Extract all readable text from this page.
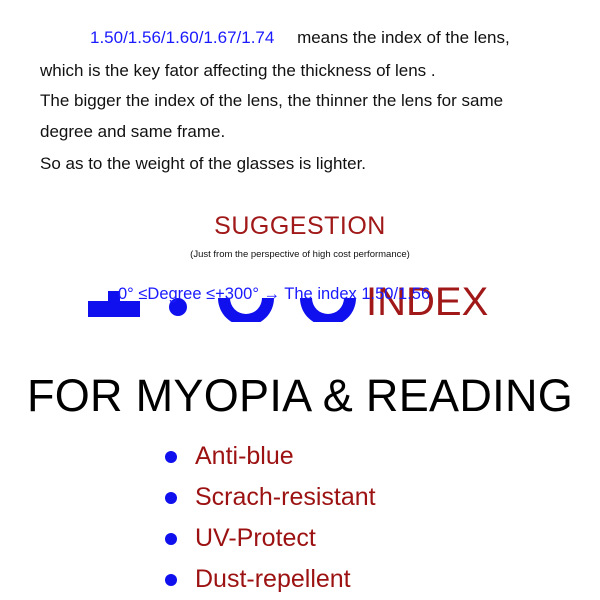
1.50/1.56/1.60/1.67/1.74 means the index of the lens,
which is the key fator affecting the thickness of lens .
The bigger the index of the lens, the thinner the lens for same
degree and same frame.
So as to the weight of the glasses is lighter.
SUGGESTION
(Just from the perspective of high cost performance)
INDEX
0° ≤Degree ≤+300° → The index 1.50/1.56
FOR MYOPIA & READING
Anti-blue
Scrach-resistant
UV-Protect
Dust-repellent
